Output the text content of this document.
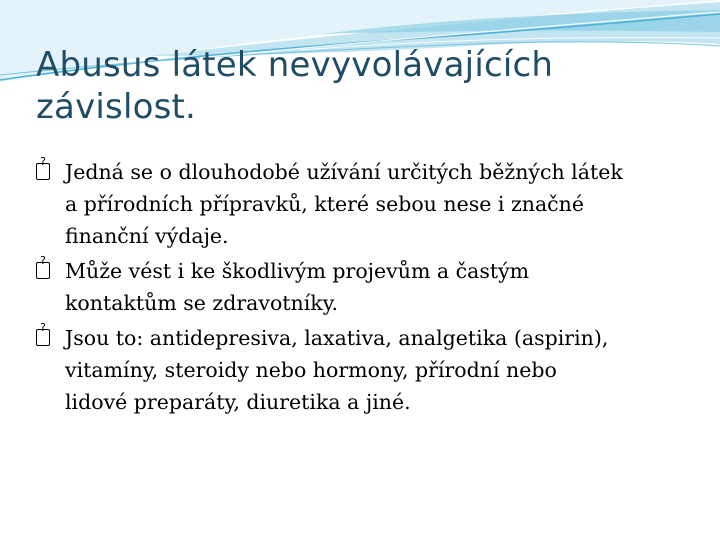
Abusus látek nevyvolávajících
závislost.
? Jedná se o dlouhodobé užívání určitých běžných látek
a přírodních přípravků, které sebou nese i značné
finanční výdaje.
? Může vést i ke škodlivým projevům a častým
kontaktům se zdravotníky.
? Jsou to: antidepresiva, laxativa, analgetika (aspirin),
vitamíny, steroidy nebo hormony, přírodní nebo
lidové preparáty, diuretika a jiné.
